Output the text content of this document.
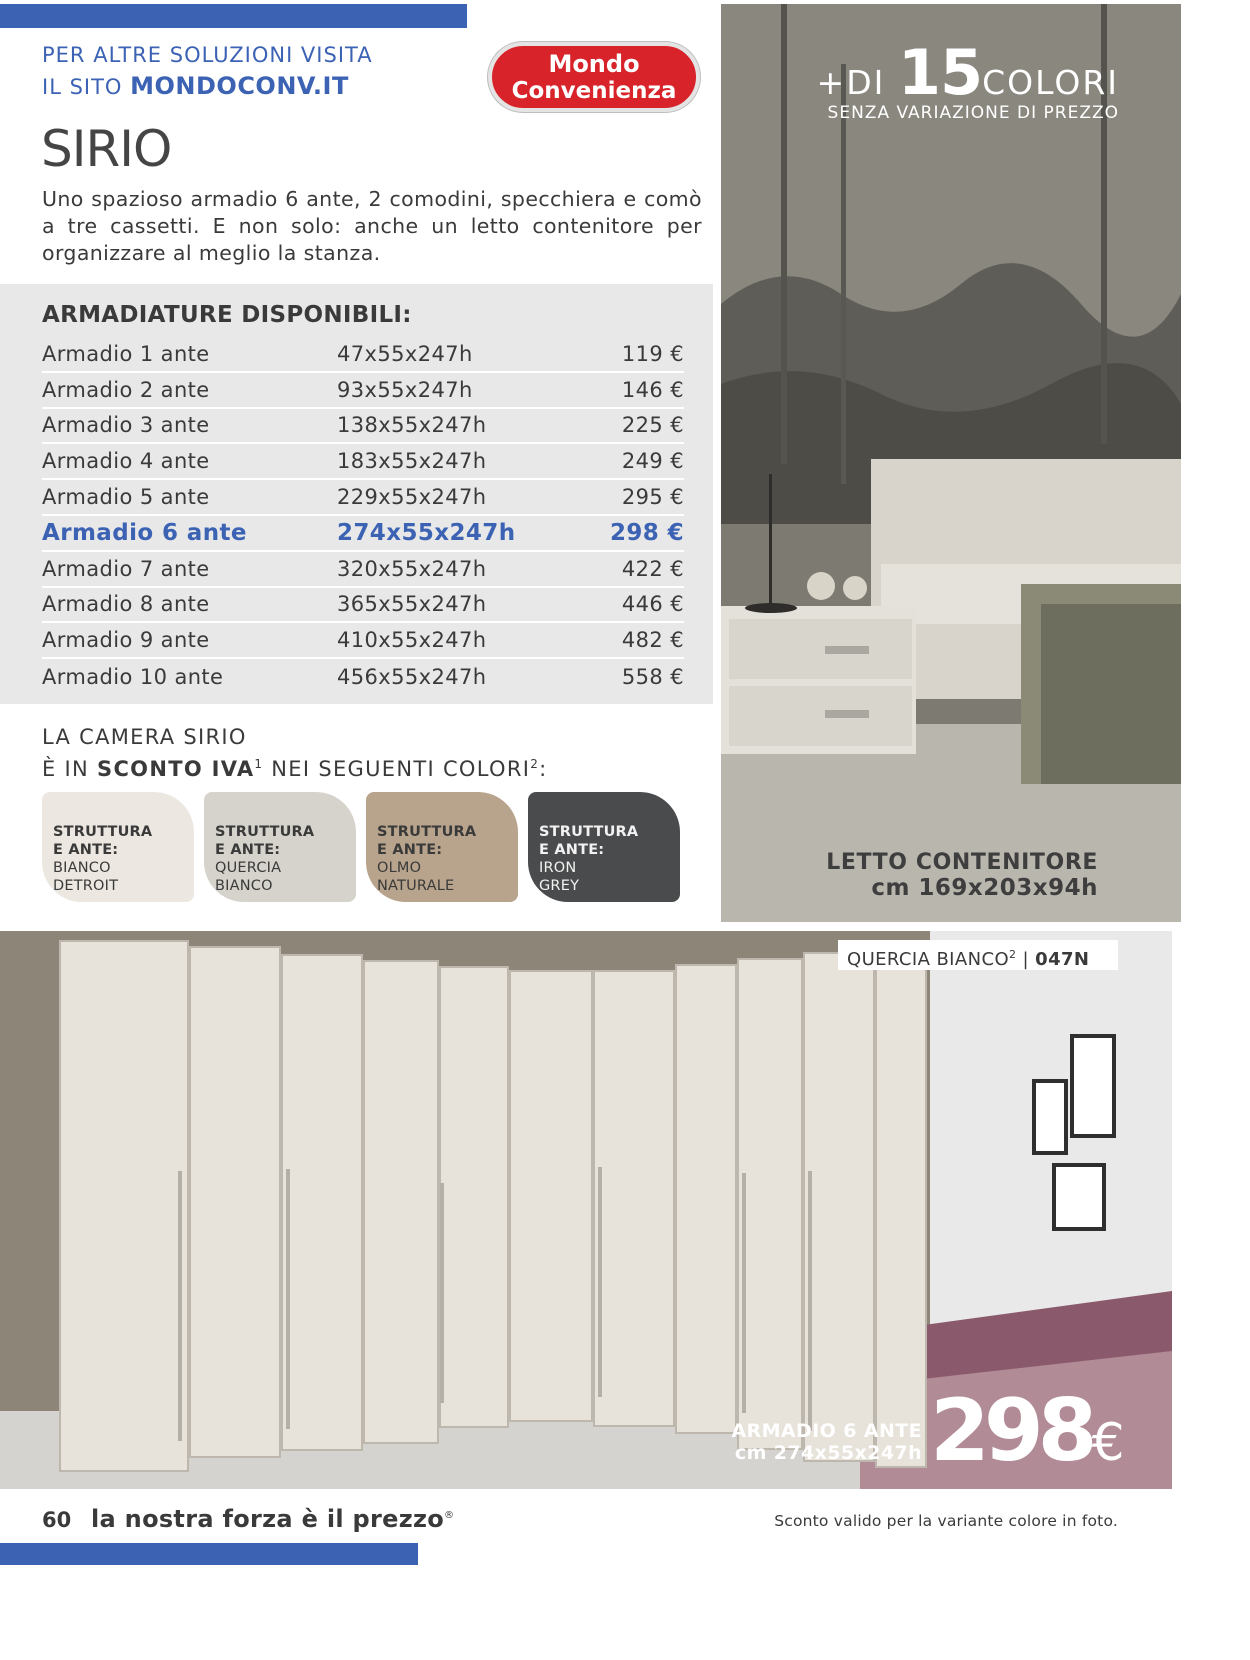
PER ALTRE SOLUZIONI VISITA
IL SITO MONDOCONV.IT
Mondo
Convenienza
SIRIO

Uno spazioso armadio 6 ante, 2 comodini, specchiera e comò a tre cassetti. E non solo: anche un letto contenitore per organizzare al meglio la stanza.

ARMADIATURE DISPONIBILI:
Armadio 1 ante	47x55x247h	119 €
Armadio 2 ante	93x55x247h	146 €
Armadio 3 ante	138x55x247h	225 €
Armadio 4 ante	183x55x247h	249 €
Armadio 5 ante	229x55x247h	295 €
Armadio 6 ante	274x55x247h	298 €
Armadio 7 ante	320x55x247h	422 €
Armadio 8 ante	365x55x247h	446 €
Armadio 9 ante	410x55x247h	482 €
Armadio 10 ante	456x55x247h	558 €
LA CAMERA SIRIO
È IN SCONTO IVA$^1$ NEI SEGUENTI COLORI$^2$:
STRUTTURA
E ANTE:
BIANCO
DETROIT
STRUTTURA
E ANTE:
QUERCIA
BIANCO
STRUTTURA
E ANTE:
OLMO
NATURALE
STRUTTURA
E ANTE:
IRON
GREY
+DI 15COLORI
SENZA VARIAZIONE DI PREZZO
LETTO CONTENITORE
cm 169x203x94h
QUERCIA BIANCO$^2$ | 047N
ARMADIO 6 ANTE
cm 274x55x247h 298€
60 la nostra forza è il prezzo®	Sconto valido per la variante colore in foto.
